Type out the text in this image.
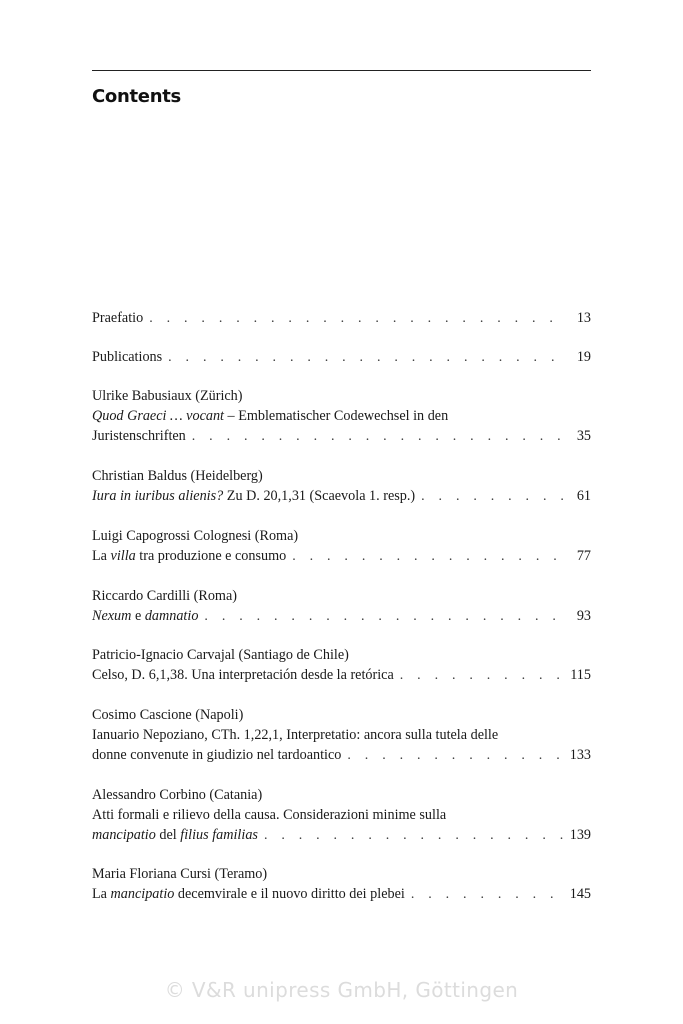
Contents
Praefatio . . .	13
Publications . . .	19
Ulrike Babusiaux (Zürich)
Quod Graeci … vocant – Emblematischer Codewechsel in den
Juristenschriften . . .	35
Christian Baldus (Heidelberg)
Iura in iuribus alienis? Zu D. 20,1,31 (Scaevola 1. resp.) . . .	61
Luigi Capogrossi Colognesi (Roma)
La villa tra produzione e consumo . . .	77
Riccardo Cardilli (Roma)
Nexum e damnatio . . .	93
Patricio-Ignacio Carvajal (Santiago de Chile)
Celso, D. 6,1,38. Una interpretación desde la retórica . . .	115
Cosimo Cascione (Napoli)
Ianuario Nepoziano, CTh. 1,22,1, Interpretatio: ancora sulla tutela delle
donne convenute in giudizio nel tardoantico . . .	133
Alessandro Corbino (Catania)
Atti formali e rilievo della causa. Considerazioni minime sulla
mancipatio del filius familias . . .	139
Maria Floriana Cursi (Teramo)
La mancipatio decemvirale e il nuovo diritto dei plebei . . .	145
© V&R unipress GmbH, Göttingen
